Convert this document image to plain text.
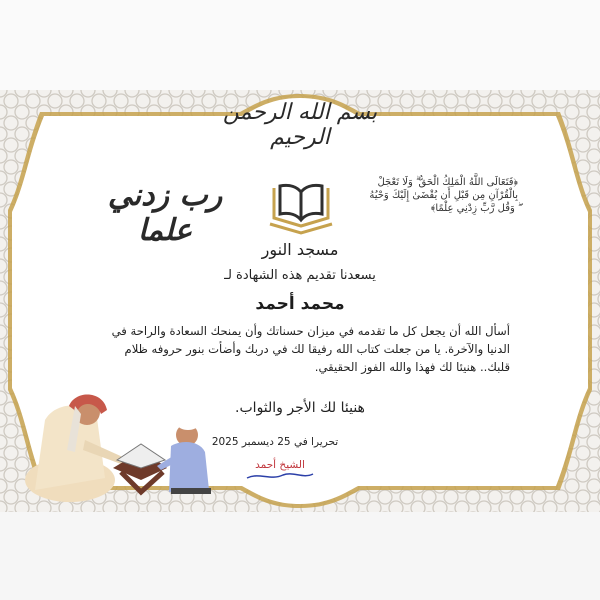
بسم الله الرحمن الرحيم
رب زدني علما
﴿فَتَعَالَى اللَّهُ الْمَلِكُ الْحَقُّ ۗ وَلَا تَعْجَلْ بِالْقُرْآنِ مِن قَبْلِ أَن يُقْضَىٰ إِلَيْكَ وَحْيُهُ ۖ وَقُل رَّبِّ زِدْنِي عِلْمًا﴾
مسجد النور
يسعدنا تقديم هذه الشهادة لـ
محمد أحمد
أسأل الله أن يجعل كل ما تقدمه في ميزان حسناتك وأن يمنحك السعادة والراحة في الدنيا والآخرة. يا من جعلت كتاب الله رفيقا لك في دربك وأضأت بنور حروفه ظلام قلبك.. هنيئا لك فهذا والله الفوز الحقيقي.
هنيئا لك الأجر والثواب.
تحريرا في 25 ديسمبر 2025
الشيخ أحمد
